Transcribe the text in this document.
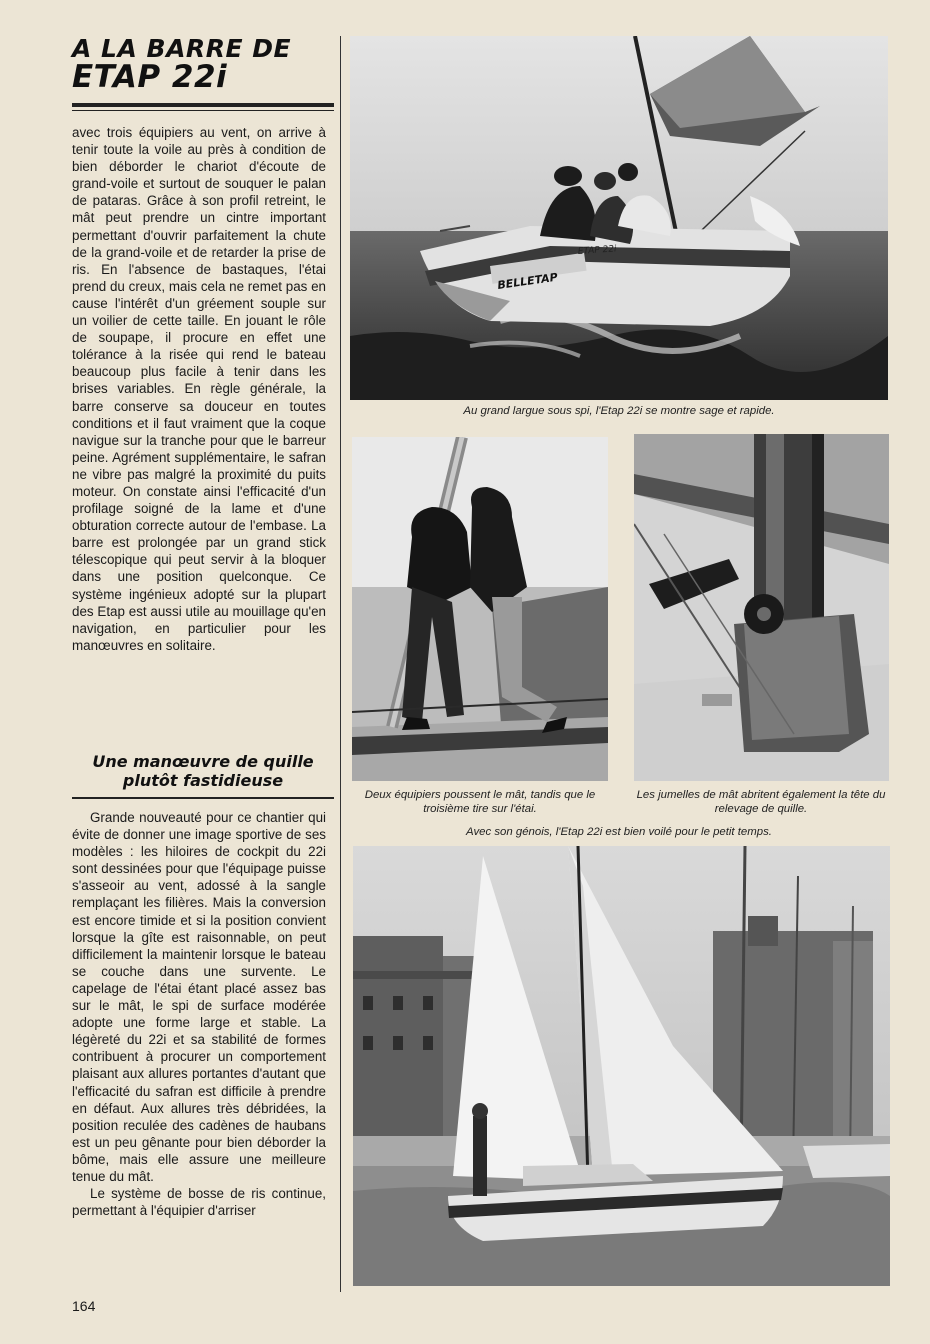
A LA BARRE DE
ETAP 22i

avec trois équipiers au vent, on arrive à tenir toute la voile au près à condition de bien déborder le chariot d'écoute de grand-voile et surtout de souquer le palan de pataras. Grâce à son profil retreint, le mât peut prendre un cintre important permettant d'ouvrir parfaitement la chute de la grand-voile et de retarder la prise de ris. En l'absence de bastaques, l'étai prend du creux, mais cela ne remet pas en cause l'intérêt d'un gréement souple sur un voilier de cette taille. En jouant le rôle de soupape, il procure en effet une tolérance à la risée qui rend le bateau beaucoup plus facile à tenir dans les brises variables. En règle générale, la barre conserve sa douceur en toutes conditions et il faut vraiment que la coque navigue sur la tranche pour que le barreur peine. Agrément supplémentaire, le safran ne vibre pas malgré la proximité du puits moteur. On constate ainsi l'efficacité d'un profilage soigné de la lame et d'une obturation correcte autour de l'embase. La barre est prolongée par un grand stick télescopique qui peut servir à la bloquer dans une position quelconque. Ce système ingénieux adopté sur la plupart des Etap est aussi utile au mouillage qu'en navigation, en particulier pour les manœuvres en solitaire.

Une manœuvre de quille plutôt fastidieuse

Grande nouveauté pour ce chantier qui évite de donner une image sportive de ses modèles : les hiloires de cockpit du 22i sont dessinées pour que l'équipage puisse s'asseoir au vent, adossé à la sangle remplaçant les filières. Mais la conversion est encore timide et si la position convient lorsque la gîte est raisonnable, on peut difficilement la maintenir lorsque le bateau se couche dans une survente. Le capelage de l'étai étant placé assez bas sur le mât, le spi de surface modérée adopte une forme large et stable. La légèreté du 22i et sa stabilité de formes contribuent à procurer un comportement plaisant aux allures portantes d'autant que l'efficacité du safran est difficile à prendre en défaut. Aux allures très débridées, la position reculée des cadènes de haubans est un peu gênante pour bien déborder la bôme, mais elle assure une meilleure tenue du mât.

Le système de bosse de ris continue, permettant à l'équipier d'arriser

BELLETAP
ETAP 22i
Au grand largue sous spi, l'Etap 22i se montre sage et rapide.
Deux équipiers poussent le mât, tandis que le troisième tire sur l'étai.
Les jumelles de mât abritent également la tête du relevage de quille.
Avec son génois, l'Etap 22i est bien voilé pour le petit temps.
164
